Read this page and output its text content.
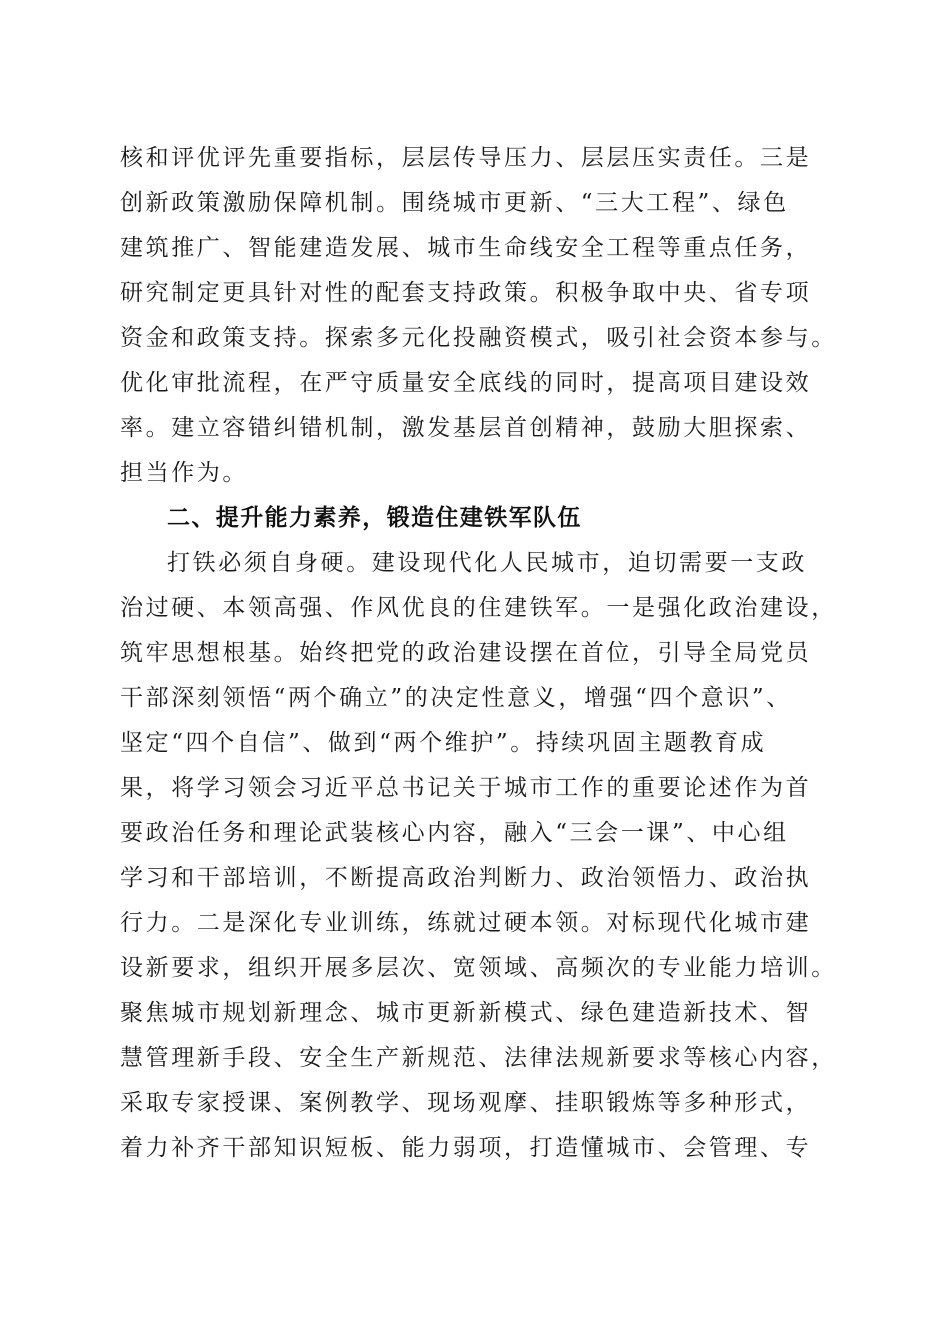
核和评优评先重要指标，层层传导压力、层层压实责任。三是
创新政策激励保障机制。围绕城市更新、“三大工程”、绿色
建筑推广、智能建造发展、城市生命线安全工程等重点任务，
研究制定更具针对性的配套支持政策。积极争取中央、省专项
资金和政策支持。探索多元化投融资模式，吸引社会资本参与。
优化审批流程，在严守质量安全底线的同时，提高项目建设效
率。建立容错纠错机制，激发基层首创精神，鼓励大胆探索、
担当作为。
二、提升能力素养，锻造住建铁军队伍
打铁必须自身硬。建设现代化人民城市，迫切需要一支政
治过硬、本领高强、作风优良的住建铁军。一是强化政治建设，
筑牢思想根基。始终把党的政治建设摆在首位，引导全局党员
干部深刻领悟“两个确立”的决定性意义，增强“四个意识”、
坚定“四个自信”、做到“两个维护”。持续巩固主题教育成
果，将学习领会习近平总书记关于城市工作的重要论述作为首
要政治任务和理论武装核心内容，融入“三会一课”、中心组
学习和干部培训，不断提高政治判断力、政治领悟力、政治执
行力。二是深化专业训练，练就过硬本领。对标现代化城市建
设新要求，组织开展多层次、宽领域、高频次的专业能力培训。
聚焦城市规划新理念、城市更新新模式、绿色建造新技术、智
慧管理新手段、安全生产新规范、法律法规新要求等核心内容，
采取专家授课、案例教学、现场观摩、挂职锻炼等多种形式，
着力补齐干部知识短板、能力弱项，打造懂城市、会管理、专
